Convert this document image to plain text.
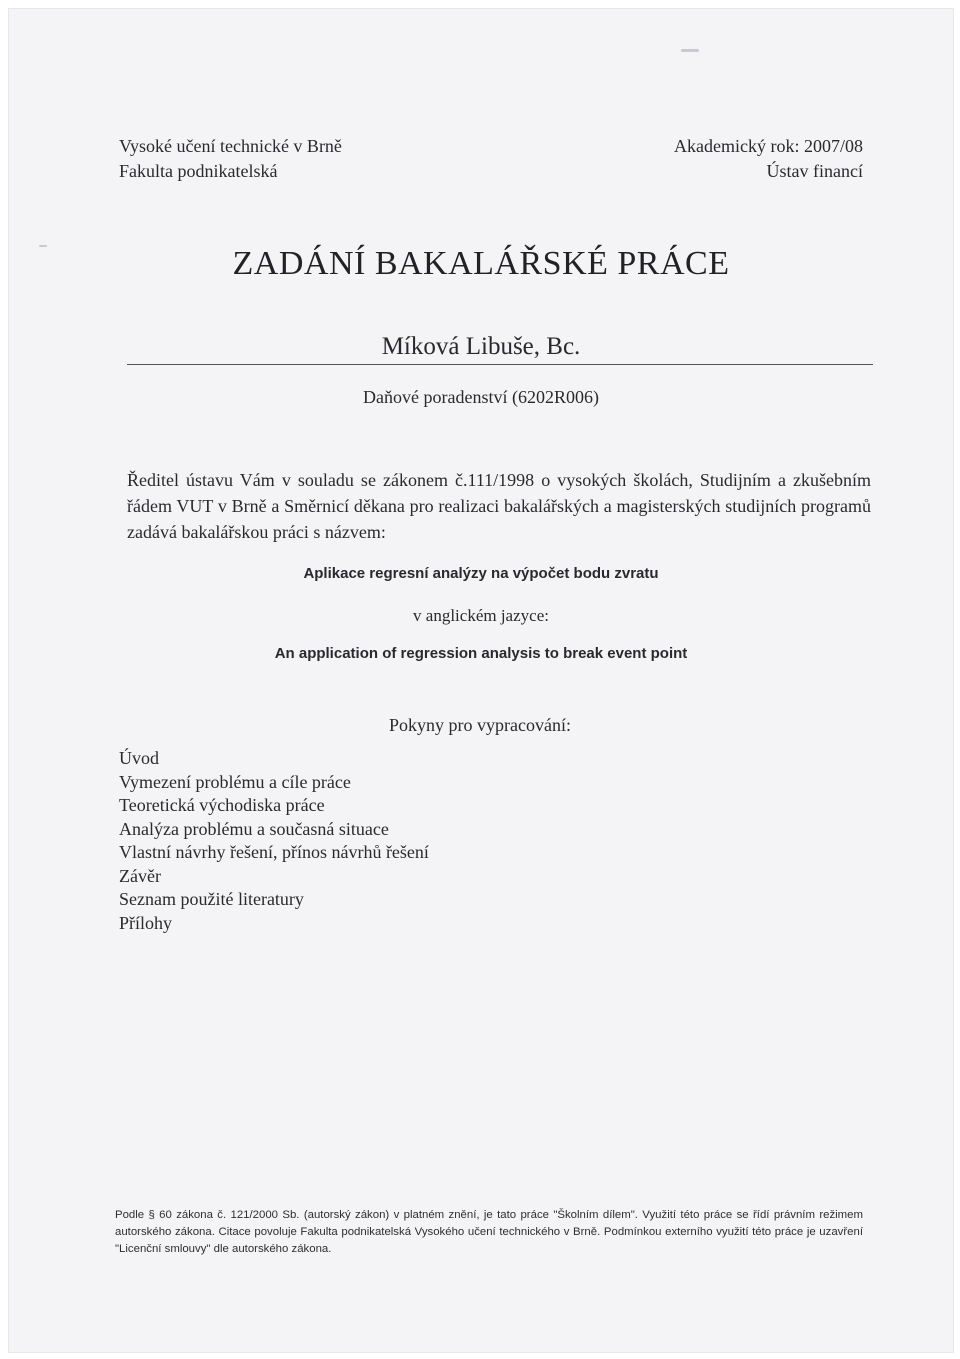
Vysoké učení technické v Brně
Fakulta podnikatelská
Akademický rok: 2007/08
Ústav financí
ZADÁNÍ BAKALÁŘSKÉ PRÁCE
Míková Libuše, Bc.
Daňové poradenství (6202R006)
Ředitel ústavu Vám v souladu se zákonem č.111/1998 o vysokých školách, Studijním a zkušebním řádem VUT v Brně a Směrnicí děkana pro realizaci bakalářských a magisterských studijních programů zadává bakalářskou práci s názvem:
Aplikace regresní analýzy na výpočet bodu zvratu
v anglickém jazyce:
An application of regression analysis to break event point
Pokyny pro vypracování:
Úvod
Vymezení problému a cíle práce
Teoretická východiska práce
Analýza problému a současná situace
Vlastní návrhy řešení, přínos návrhů řešení
Závěr
Seznam použité literatury
Přílohy
Podle § 60 zákona č. 121/2000 Sb. (autorský zákon) v platném znění, je tato práce "Školním dílem". Využití této práce se řídí právním režimem autorského zákona. Citace povoluje Fakulta podnikatelská Vysokého učení technického v Brně. Podmínkou externího využití této práce je uzavření "Licenční smlouvy" dle autorského zákona.
